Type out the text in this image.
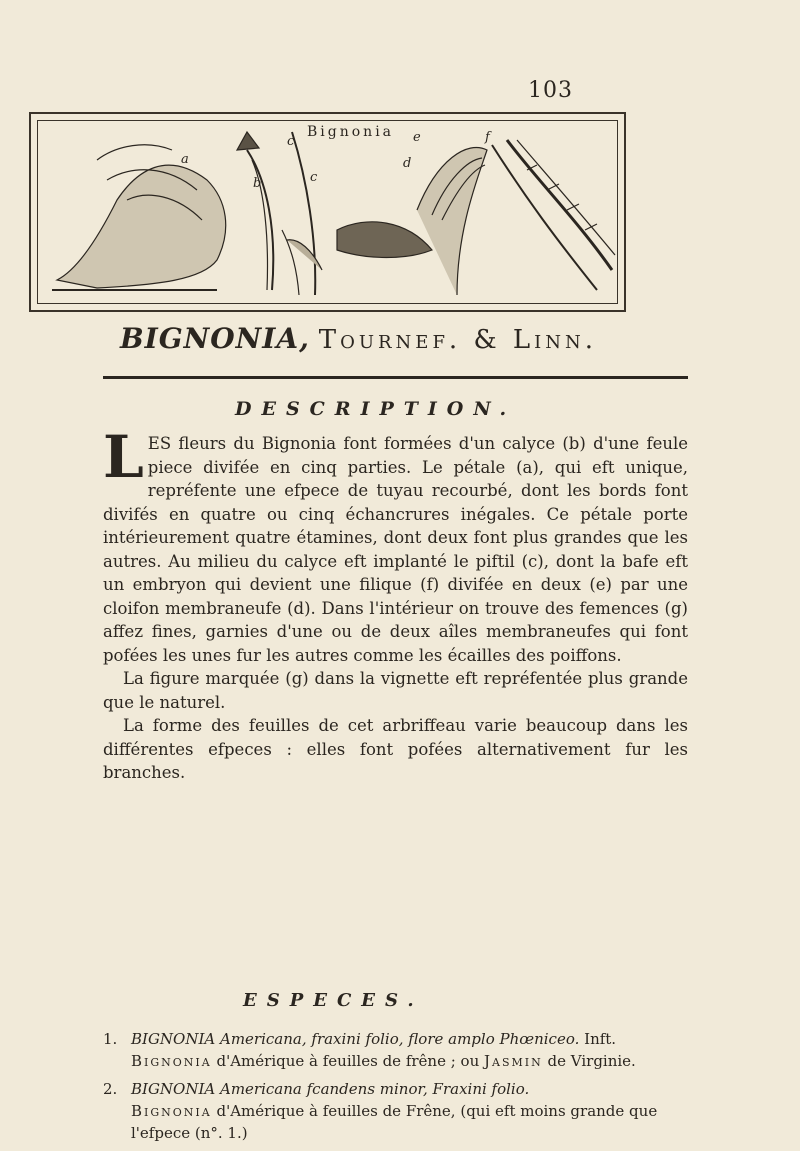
103
Bignonia
a
b
c
c
d
e	f
BIGNONIA, Tournef. & Linn.
DESCRIPTION.
L ES fleurs du Bignonia font formées d'un calyce (b) d'une feule piece divifée en cinq parties. Le pétale (a), qui eft unique, repréfente une efpece de tuyau recourbé, dont les bords font divifés en quatre ou cinq échancrures inégales. Ce pétale porte intérieurement quatre étamines, dont deux font plus grandes que les autres. Au milieu du calyce eft implanté le piftil (c), dont la bafe eft un embryon qui devient une filique (f) divifée en deux (e) par une cloifon membraneufe (d). Dans l'intérieur on trouve des femences (g) affez fines, garnies d'une ou de deux aîles membraneufes qui font pofées les unes fur les autres comme les écailles des poiffons.

La figure marquée (g) dans la vignette eft repréfentée plus grande que le naturel.

La forme des feuilles de cet arbriffeau varie beaucoup dans les différentes efpeces : elles font pofées alternativement fur les branches.

ESPECES.
1. BIGNONIA Americana, fraxini folio, flore amplo Phœniceo. Inft.
Bignonia d'Amérique à feuilles de frêne ; ou Jasmin de Virginie.
2. BIGNONIA Americana fcandens minor, Fraxini folio.
Bignonia d'Amérique à feuilles de Frêne, (qui eft moins grande que l'efpece (n°. 1.)
